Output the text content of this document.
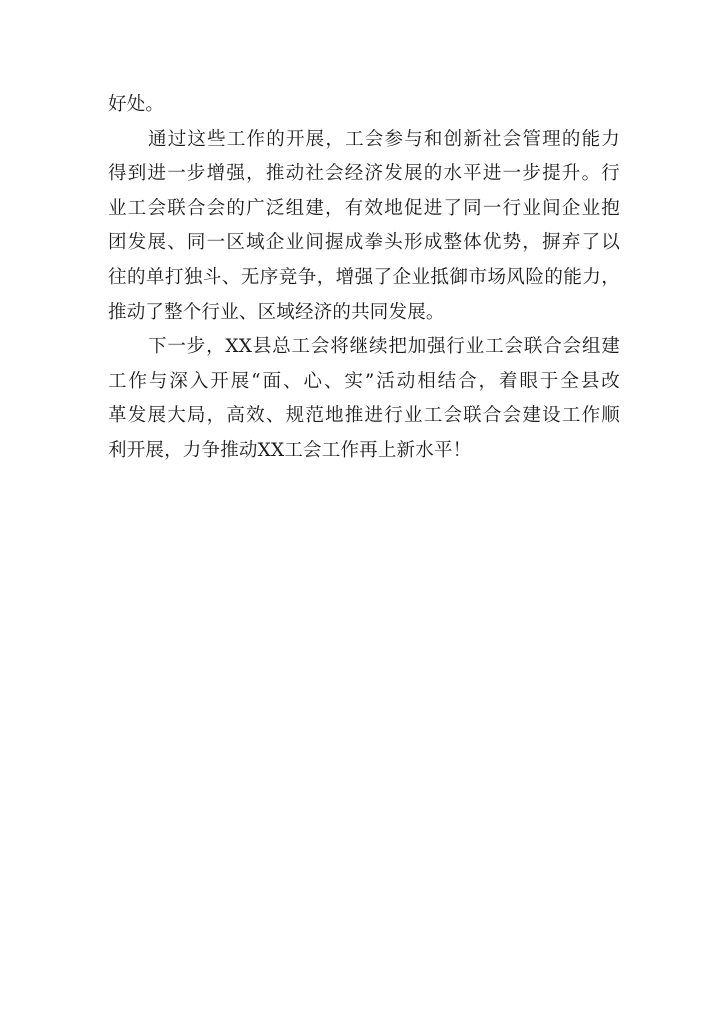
好处。
通过这些工作的开展，工会参与和创新社会管理的能力
得到进一步增强，推动社会经济发展的水平进一步提升。行
业工会联合会的广泛组建，有效地促进了同一行业间企业抱
团发展、同一区域企业间握成拳头形成整体优势，摒弃了以
往的单打独斗、无序竞争，增强了企业抵御市场风险的能力，
推动了整个行业、区域经济的共同发展。
下一步，XX县总工会将继续把加强行业工会联合会组建
工作与深入开展“面、心、实”活动相结合，着眼于全县改
革发展大局，高效、规范地推进行业工会联合会建设工作顺
利开展，力争推动XX工会工作再上新水平！
